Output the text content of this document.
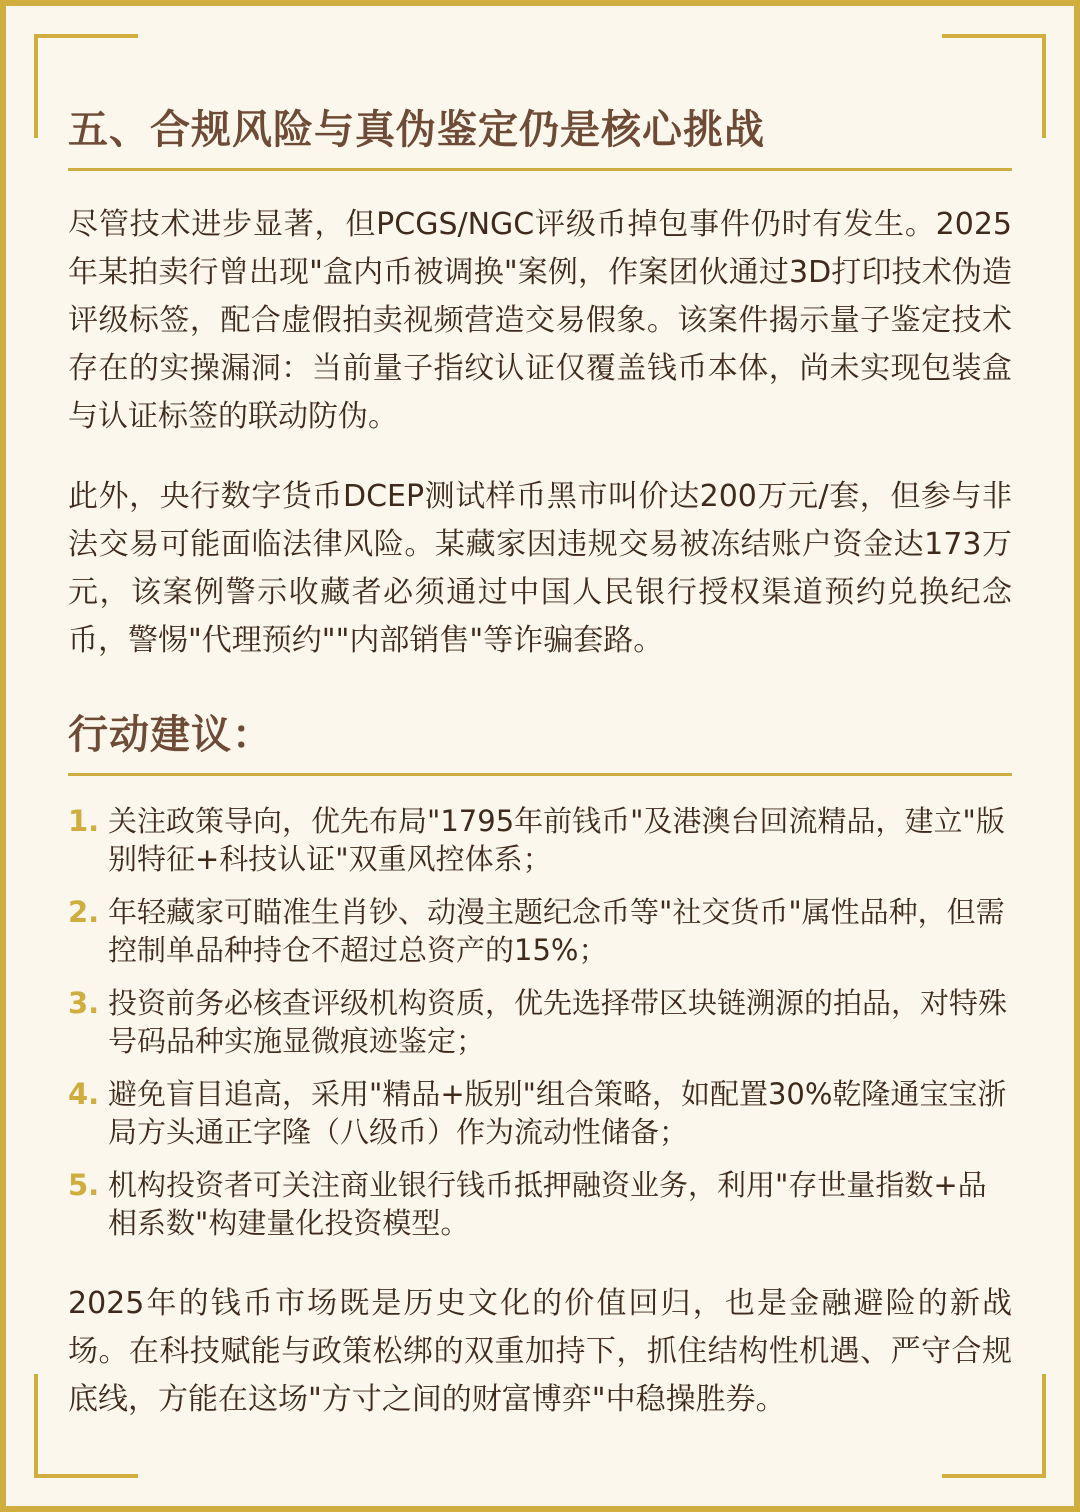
五、合规风险与真伪鉴定仍是核心挑战

尽管技术进步显著，但PCGS/NGC评级币掉包事件仍时有发生。2025年某拍卖行曾出现"盒内币被调换"案例，作案团伙通过3D打印技术伪造评级标签，配合虚假拍卖视频营造交易假象。该案件揭示量子鉴定技术存在的实操漏洞：当前量子指纹认证仅覆盖钱币本体，尚未实现包装盒与认证标签的联动防伪。

此外，央行数字货币DCEP测试样币黑市叫价达200万元/套，但参与非法交易可能面临法律风险。某藏家因违规交易被冻结账户资金达173万元，该案例警示收藏者必须通过中国人民银行授权渠道预约兑换纪念币，警惕"代理预约""内部销售"等诈骗套路。

行动建议：
1. 关注政策导向，优先布局"1795年前钱币"及港澳台回流精品，建立"版别特征+科技认证"双重风控体系；
2. 年轻藏家可瞄准生肖钞、动漫主题纪念币等"社交货币"属性品种，但需控制单品种持仓不超过总资产的15%；
3. 投资前务必核查评级机构资质，优先选择带区块链溯源的拍品，对特殊号码品种实施显微痕迹鉴定；
4. 避免盲目追高，采用"精品+版别"组合策略，如配置30%乾隆通宝宝浙局方头通正字隆（八级币）作为流动性储备；
5. 机构投资者可关注商业银行钱币抵押融资业务，利用"存世量指数+品相系数"构建量化投资模型。

2025年的钱币市场既是历史文化的价值回归，也是金融避险的新战场。在科技赋能与政策松绑的双重加持下，抓住结构性机遇、严守合规底线，方能在这场"方寸之间的财富博弈"中稳操胜券。
